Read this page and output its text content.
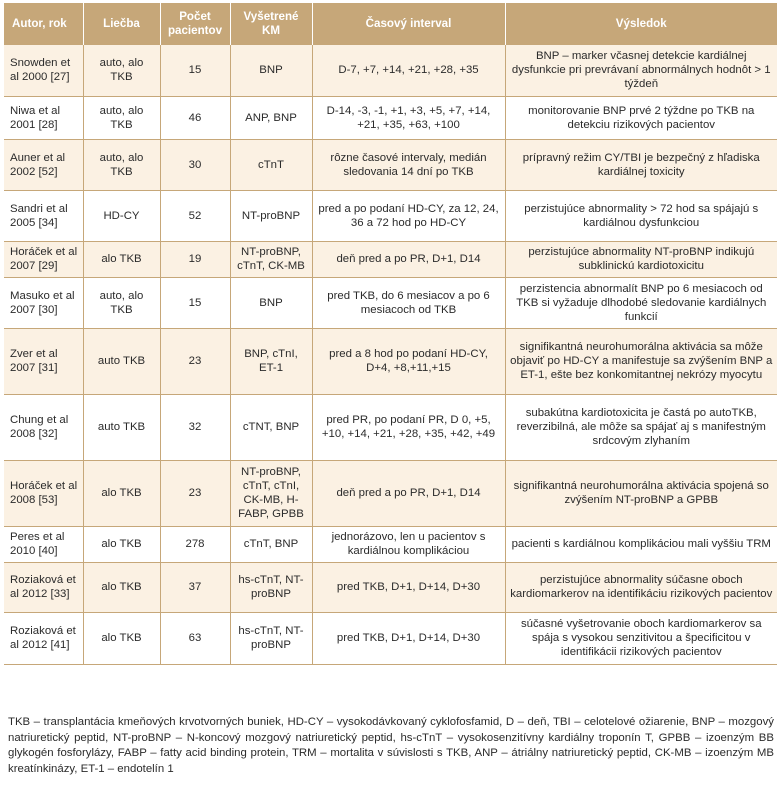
Autor, rok	Liečba	Počet pacientov	Vyšetrené KM	Časový interval	Výsledok
Snowden et al 2000 [27]	auto, alo TKB	15	BNP	D-7, +7, +14, +21, +28, +35	BNP – marker včasnej detekcie kardiálnej dysfunkcie pri prevrávaní abnormálnych hodnôt > 1 týždeň
Niwa et al 2001 [28]	auto, alo TKB	46	ANP, BNP	D-14, -3, -1, +1, +3, +5, +7, +14, +21, +35, +63, +100	monitorovanie BNP prvé 2 týždne po TKB na detekciu rizikových pacientov
Auner et al 2002 [52]	auto, alo TKB	30	cTnT	rôzne časové intervaly, medián sledovania 14 dní po TKB	prípravný režim CY/TBI je bezpečný z hľadiska kardiálnej toxicity
Sandri et al 2005 [34]	HD-CY	52	NT-proBNP	pred a po podaní HD-CY, za 12, 24, 36 a 72 hod po HD-CY	perzistujúce abnormality > 72 hod sa spájajú s kardiálnou dysfunkciou
Horáček et al 2007 [29]	alo TKB	19	NT-proBNP, cTnT, CK-MB	deň pred a po PR, D+1, D14	perzistujúce abnormality NT-proBNP indikujú subklinickú kardiotoxicitu
Masuko et al 2007 [30]	auto, alo TKB	15	BNP	pred TKB, do 6 mesiacov a po 6 mesiacoch od TKB	perzistencia abnormalít BNP po 6 mesiacoch od TKB si vyžaduje dlhodobé sledovanie kardiálnych funkcií
Zver et al 2007 [31]	auto TKB	23	BNP, cTnI, ET-1	pred a 8 hod po podaní HD-CY, D+4, +8,+11,+15	signifikantná neurohumorálna aktivácia sa môže objaviť po HD-CY a manifestuje sa zvýšením BNP a ET-1, ešte bez konkomitantnej nekrózy myocytu
Chung et al 2008 [32]	auto TKB	32	cTNT, BNP	pred PR, po podaní PR, D 0, +5, +10, +14, +21, +28, +35, +42, +49	subakútna kardiotoxicita je častá po autoTKB, reverzibilná, ale môže sa spájať aj s manifestným srdcovým zlyhaním
Horáček et al 2008 [53]	alo TKB	23	NT-proBNP, cTnT, cTnI, CK-MB, H-FABP, GPBB	deň pred a po PR, D+1, D14	signifikantná neurohumorálna aktivácia spojená so zvýšením NT-proBNP a GPBB
Peres et al 2010 [40]	alo TKB	278	cTnT, BNP	jednorázovo, len u pacientov s kardiálnou komplikáciou	pacienti s kardiálnou komplikáciou mali vyššiu TRM
Roziaková et al 2012 [33]	alo TKB	37	hs-cTnT, NT-proBNP	pred TKB, D+1, D+14, D+30	perzistujúce abnormality súčasne oboch kardiomarkerov na identifikáciu rizikových pacientov
Roziaková et al 2012 [41]	alo TKB	63	hs-cTnT, NT-proBNP	pred TKB, D+1, D+14, D+30	súčasné vyšetrovanie oboch kardiomarkerov sa spája s vysokou senzitivitou a špecificitou v identifikácii rizikových pacientov
TKB – transplantácia kmeňových krvotvorných buniek, HD-CY – vysokodávkovaný cyklofosfamid, D – deň, TBI – celotelové ožiarenie, BNP – mozgový natriuretický peptid, NT-proBNP – N-koncový mozgový natriuretický peptid, hs-cTnT – vysokosenzitívny kardiálny troponín T, GPBB – izoenzým BB glykogén fosforylázy, FABP – fatty acid binding protein, TRM – mortalita v súvislosti s TKB, ANP – átriálny natriuretický peptid, CK-MB – izoenzým MB kreatínkinázy, ET-1 – endotelín 1
